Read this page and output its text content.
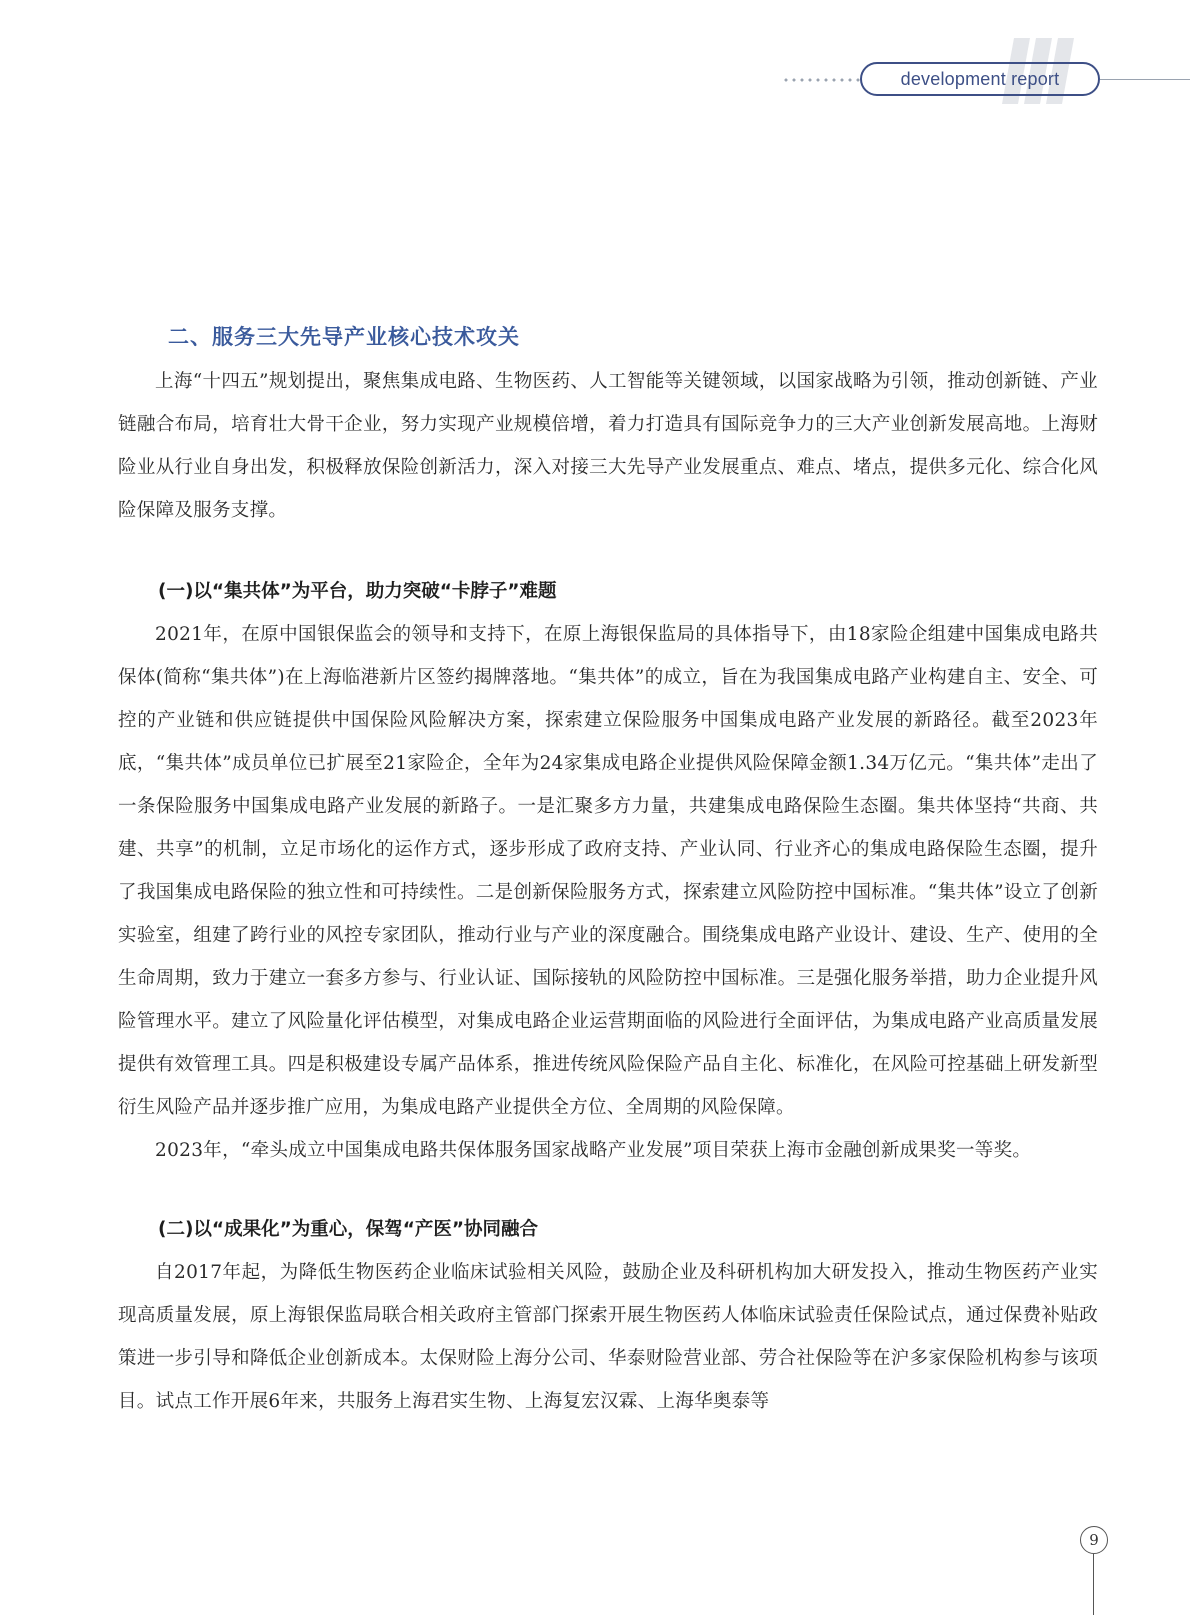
development report
二、服务三大先导产业核心技术攻关

上海“十四五”规划提出，聚焦集成电路、生物医药、人工智能等关键领域，以国家战略为引领，推动创新链、产业链融合布局，培育壮大骨干企业，努力实现产业规模倍增，着力打造具有国际竞争力的三大产业创新发展高地。上海财险业从行业自身出发，积极释放保险创新活力，深入对接三大先导产业发展重点、难点、堵点，提供多元化、综合化风险保障及服务支撑。

(一)以“集共体”为平台，助力突破“卡脖子”难题

2021年，在原中国银保监会的领导和支持下，在原上海银保监局的具体指导下，由18家险企组建中国集成电路共保体(简称“集共体”)在上海临港新片区签约揭牌落地。“集共体”的成立，旨在为我国集成电路产业构建自主、安全、可控的产业链和供应链提供中国保险风险解决方案，探索建立保险服务中国集成电路产业发展的新路径。截至2023年底，“集共体”成员单位已扩展至21家险企，全年为24家集成电路企业提供风险保障金额1.34万亿元。“集共体”走出了一条保险服务中国集成电路产业发展的新路子。一是汇聚多方力量，共建集成电路保险生态圈。集共体坚持“共商、共建、共享”的机制，立足市场化的运作方式，逐步形成了政府支持、产业认同、行业齐心的集成电路保险生态圈，提升了我国集成电路保险的独立性和可持续性。二是创新保险服务方式，探索建立风险防控中国标准。“集共体”设立了创新实验室，组建了跨行业的风控专家团队，推动行业与产业的深度融合。围绕集成电路产业设计、建设、生产、使用的全生命周期，致力于建立一套多方参与、行业认证、国际接轨的风险防控中国标准。三是强化服务举措，助力企业提升风险管理水平。建立了风险量化评估模型，对集成电路企业运营期面临的风险进行全面评估，为集成电路产业高质量发展提供有效管理工具。四是积极建设专属产品体系，推进传统风险保险产品自主化、标准化，在风险可控基础上研发新型衍生风险产品并逐步推广应用，为集成电路产业提供全方位、全周期的风险保障。

2023年，“牵头成立中国集成电路共保体服务国家战略产业发展”项目荣获上海市金融创新成果奖一等奖。

(二)以“成果化”为重心，保驾“产医”协同融合

自2017年起，为降低生物医药企业临床试验相关风险，鼓励企业及科研机构加大研发投入，推动生物医药产业实现高质量发展，原上海银保监局联合相关政府主管部门探索开展生物医药人体临床试验责任保险试点，通过保费补贴政策进一步引导和降低企业创新成本。太保财险上海分公司、华泰财险营业部、劳合社保险等在沪多家保险机构参与该项目。试点工作开展6年来，共服务上海君实生物、上海复宏汉霖、上海华奥泰等

9
